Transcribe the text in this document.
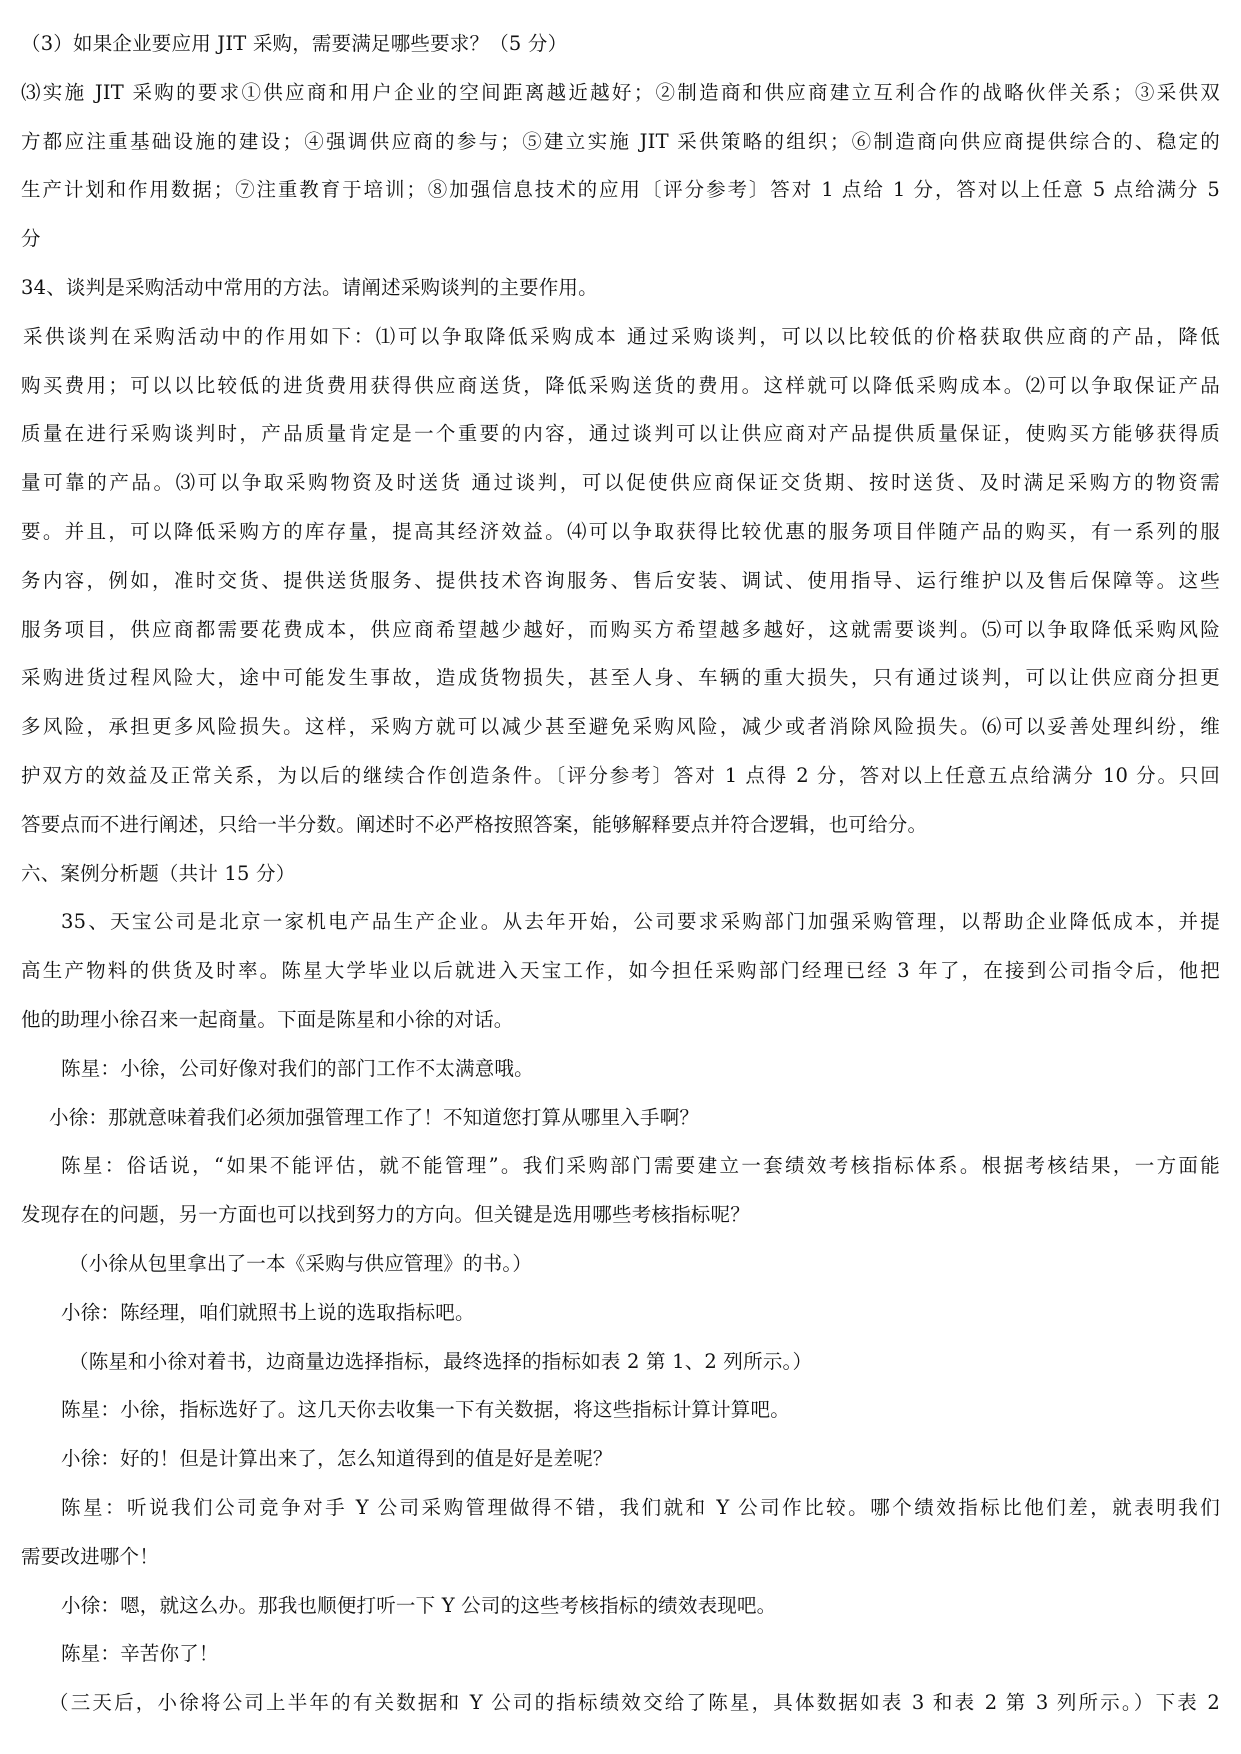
（3）如果企业要应用 JIT 采购，需要满足哪些要求？（5 分）

⑶实施 JIT 采购的要求①供应商和用户企业的空间距离越近越好；②制造商和供应商建立互利合作的战略伙伴关系；③采供双

方都应注重基础设施的建设；④强调供应商的参与；⑤建立实施 JIT 采供策略的组织；⑥制造商向供应商提供综合的、稳定的

生产计划和作用数据；⑦注重教育于培训；⑧加强信息技术的应用〔评分参考〕答对 1 点给 1 分，答对以上任意 5 点给满分 5

分

34、谈判是采购活动中常用的方法。请阐述采购谈判的主要作用。

采供谈判在采购活动中的作用如下：⑴可以争取降低采购成本 通过采购谈判，可以以比较低的价格获取供应商的产品，降低

购买费用；可以以比较低的进货费用获得供应商送货，降低采购送货的费用。这样就可以降低采购成本。⑵可以争取保证产品

质量在进行采购谈判时，产品质量肯定是一个重要的内容，通过谈判可以让供应商对产品提供质量保证，使购买方能够获得质

量可靠的产品。⑶可以争取采购物资及时送货 通过谈判，可以促使供应商保证交货期、按时送货、及时满足采购方的物资需

要。并且，可以降低采购方的库存量，提高其经济效益。⑷可以争取获得比较优惠的服务项目伴随产品的购买，有一系列的服

务内容，例如，准时交货、提供送货服务、提供技术咨询服务、售后安装、调试、使用指导、运行维护以及售后保障等。这些

服务项目，供应商都需要花费成本，供应商希望越少越好，而购买方希望越多越好，这就需要谈判。⑸可以争取降低采购风险

采购进货过程风险大，途中可能发生事故，造成货物损失，甚至人身、车辆的重大损失，只有通过谈判，可以让供应商分担更

多风险，承担更多风险损失。这样，采购方就可以减少甚至避免采购风险，减少或者消除风险损失。⑹可以妥善处理纠纷，维

护双方的效益及正常关系，为以后的继续合作创造条件。〔评分参考〕答对 1 点得 2 分，答对以上任意五点给满分 10 分。只回

答要点而不进行阐述，只给一半分数。阐述时不必严格按照答案，能够解释要点并符合逻辑，也可给分。

六、案例分析题（共计 15 分）

35、天宝公司是北京一家机电产品生产企业。从去年开始，公司要求采购部门加强采购管理，以帮助企业降低成本，并提

高生产物料的供货及时率。陈星大学毕业以后就进入天宝工作，如今担任采购部门经理已经 3 年了，在接到公司指令后，他把

他的助理小徐召来一起商量。下面是陈星和小徐的对话。

陈星：小徐，公司好像对我们的部门工作不太满意哦。

小徐：那就意味着我们必须加强管理工作了！不知道您打算从哪里入手啊？

陈星：俗话说，“如果不能评估，就不能管理”。我们采购部门需要建立一套绩效考核指标体系。根据考核结果，一方面能

发现存在的问题，另一方面也可以找到努力的方向。但关键是选用哪些考核指标呢？

（小徐从包里拿出了一本《采购与供应管理》的书。）

小徐：陈经理，咱们就照书上说的选取指标吧。

（陈星和小徐对着书，边商量边选择指标，最终选择的指标如表 2 第 1、2 列所示。）

陈星：小徐，指标选好了。这几天你去收集一下有关数据，将这些指标计算计算吧。

小徐：好的！但是计算出来了，怎么知道得到的值是好是差呢？

陈星：听说我们公司竞争对手 Y 公司采购管理做得不错，我们就和 Y 公司作比较。哪个绩效指标比他们差，就表明我们

需要改进哪个！

小徐：嗯，就这么办。那我也顺便打听一下 Y 公司的这些考核指标的绩效表现吧。

陈星：辛苦你了！

（三天后，小徐将公司上半年的有关数据和 Y 公司的指标绩效交给了陈星，具体数据如表 3 和表 2 第 3 列所示。）下表 2
